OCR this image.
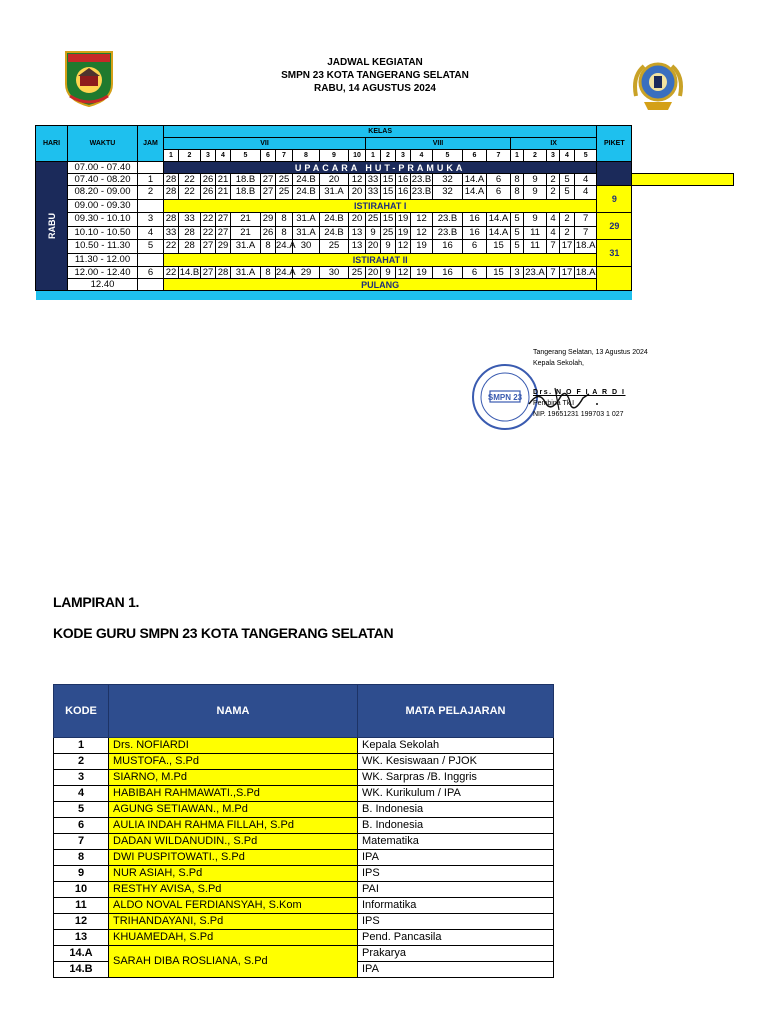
JADWAL KEGIATAN
SMPN 23 KOTA TANGERANG SELATAN
RABU, 14 AGUSTUS 2024
HARI	WAKTU	JAM	KELAS																						PIKET	
			VII										VIII							IX						
			1	2	3	4	5	6	7	8	9	10	1	2	3	4	5	6	7	1	2	3	4	5		
RABU	07.00 - 07.40		UPACARA HUT-PRAMUKA																							
	07.40 - 08.20	1	28	22	26	21	18.B	27	25	24.B	20	12	33	15	16	23.B	32	14.A	6	8	9	2	5	4		
	08.20 - 09.00	2	28	22	26	21	18.B	27	25	24.B	31.A	20	33	15	16	23.B	32	14.A	6	8	9	2	5	4	9	
	09.00 - 09.30		ISTIRAHAT I																							
	09.30 - 10.10	3	28	33	22	27	21	29	8	31.A	24.B	20	25	15	19	12	23.B	16	14.A	5	9	4	2	7	29	
	10.10 - 10.50	4	33	28	22	27	21	26	8	31.A	24.B	13	9	25	19	12	23.B	16	14.A	5	11	4	2	7		
	10.50 - 11.30	5	22	28	27	29	31.A	8	24.A	30	25	13	20	9	12	19	16	6	15	5	11	7	17	18.A	31	
	11.30 - 12.00		ISTIRAHAT II																							
	12.00 - 12.40	6	22	14.B	27	28	31.A	8	24.A	29	30	25	20	9	12	19	16	6	15	3	23.A	7	17	18.A		
	12.40		PULANG																							

SMPN 23
Tangerang Selatan, 13 Agustus 2024
Kepala Sekolah,
Drs. N O F I A R D I
Pembina Tk.I
NIP. 19651231 199703 1 027
LAMPIRAN 1.
KODE GURU SMPN 23 KOTA TANGERANG SELATAN
KODE	NAMA	MATA PELAJARAN
1	Drs. NOFIARDI	Kepala Sekolah
2	MUSTOFA., S.Pd	WK. Kesiswaan / PJOK
3	SIARNO, M.Pd	WK. Sarpras /B. Inggris
4	HABIBAH RAHMAWATI.,S.Pd	WK. Kurikulum / IPA
5	AGUNG SETIAWAN., M.Pd	B. Indonesia
6	AULIA INDAH RAHMA FILLAH, S.Pd	B. Indonesia
7	DADAN WILDANUDIN., S.Pd	Matematika
8	DWI PUSPITOWATI., S.Pd	IPA
9	NUR ASIAH, S.Pd	IPS
10	RESTHY AVISA, S.Pd	PAI
11	ALDO NOVAL FERDIANSYAH, S.Kom	Informatika
12	TRIHANDAYANI, S.Pd	IPS
13	KHUAMEDAH, S.Pd	Pend. Pancasila
14.A	SARAH DIBA ROSLIANA, S.Pd	Prakarya
14.B		IPA
